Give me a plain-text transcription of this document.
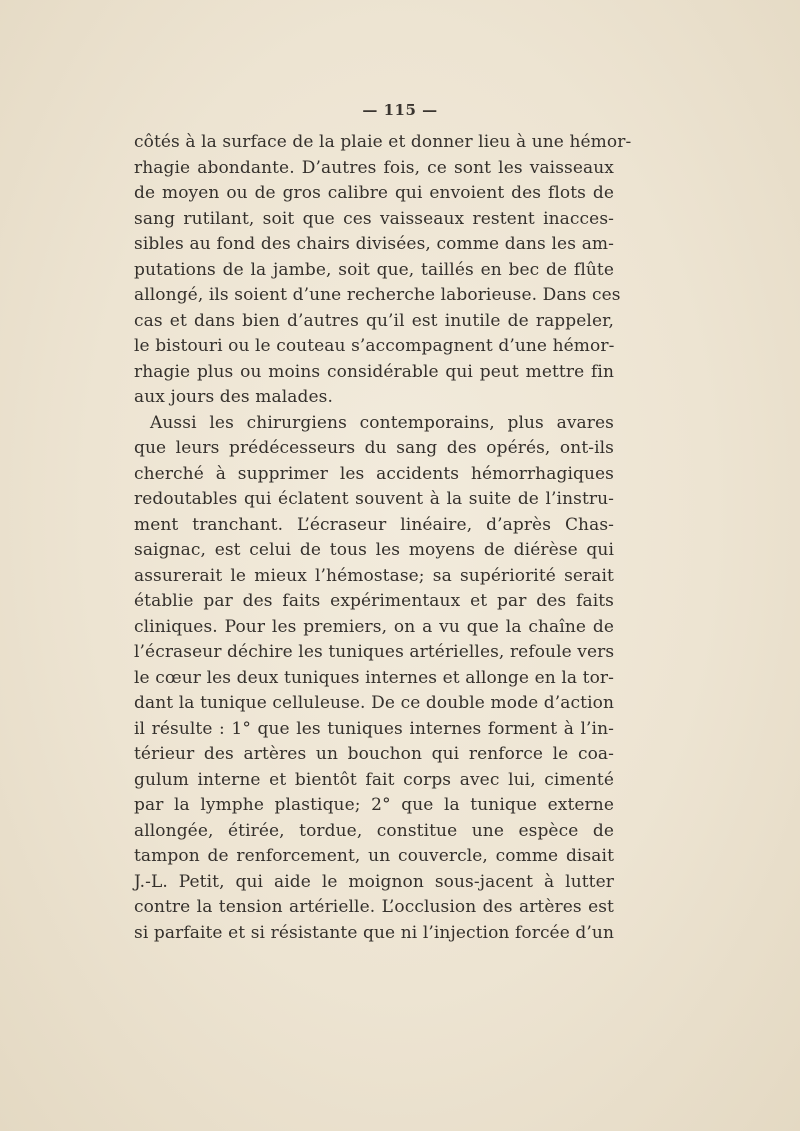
— 115 —
côtés à la surface de la plaie et donner lieu à une hémor-
rhagie abondante. D’autres fois, ce sont les vaisseaux
de moyen ou de gros calibre qui envoient des flots de
sang rutilant, soit que ces vaisseaux restent inacces-
sibles au fond des chairs divisées, comme dans les am-
putations de la jambe, soit que, taillés en bec de flûte
allongé, ils soient d’une recherche laborieuse. Dans ces
cas et dans bien d’autres qu’il est inutile de rappeler,
le bistouri ou le couteau s’accompagnent d’une hémor-
rhagie plus ou moins considérable qui peut mettre fin
aux jours des malades.
Aussi les chirurgiens contemporains, plus avares
que leurs prédécesseurs du sang des opérés, ont-ils
cherché à supprimer les accidents hémorrhagiques
redoutables qui éclatent souvent à la suite de l’instru-
ment tranchant. L’écraseur linéaire, d’après Chas-
saignac, est celui de tous les moyens de diérèse qui
assurerait le mieux l’hémostase; sa supériorité serait
établie par des faits expérimentaux et par des faits
cliniques. Pour les premiers, on a vu que la chaîne de
l’écraseur déchire les tuniques artérielles, refoule vers
le cœur les deux tuniques internes et allonge en la tor-
dant la tunique celluleuse. De ce double mode d’action
il résulte : 1° que les tuniques internes forment à l’in-
térieur des artères un bouchon qui renforce le coa-
gulum interne et bientôt fait corps avec lui, cimenté
par la lymphe plastique; 2° que la tunique externe
allongée, étirée, tordue, constitue une espèce de
tampon de renforcement, un couvercle, comme disait
J.-L. Petit, qui aide le moignon sous-jacent à lutter
contre la tension artérielle. L’occlusion des artères est
si parfaite et si résistante que ni l’injection forcée d’un
